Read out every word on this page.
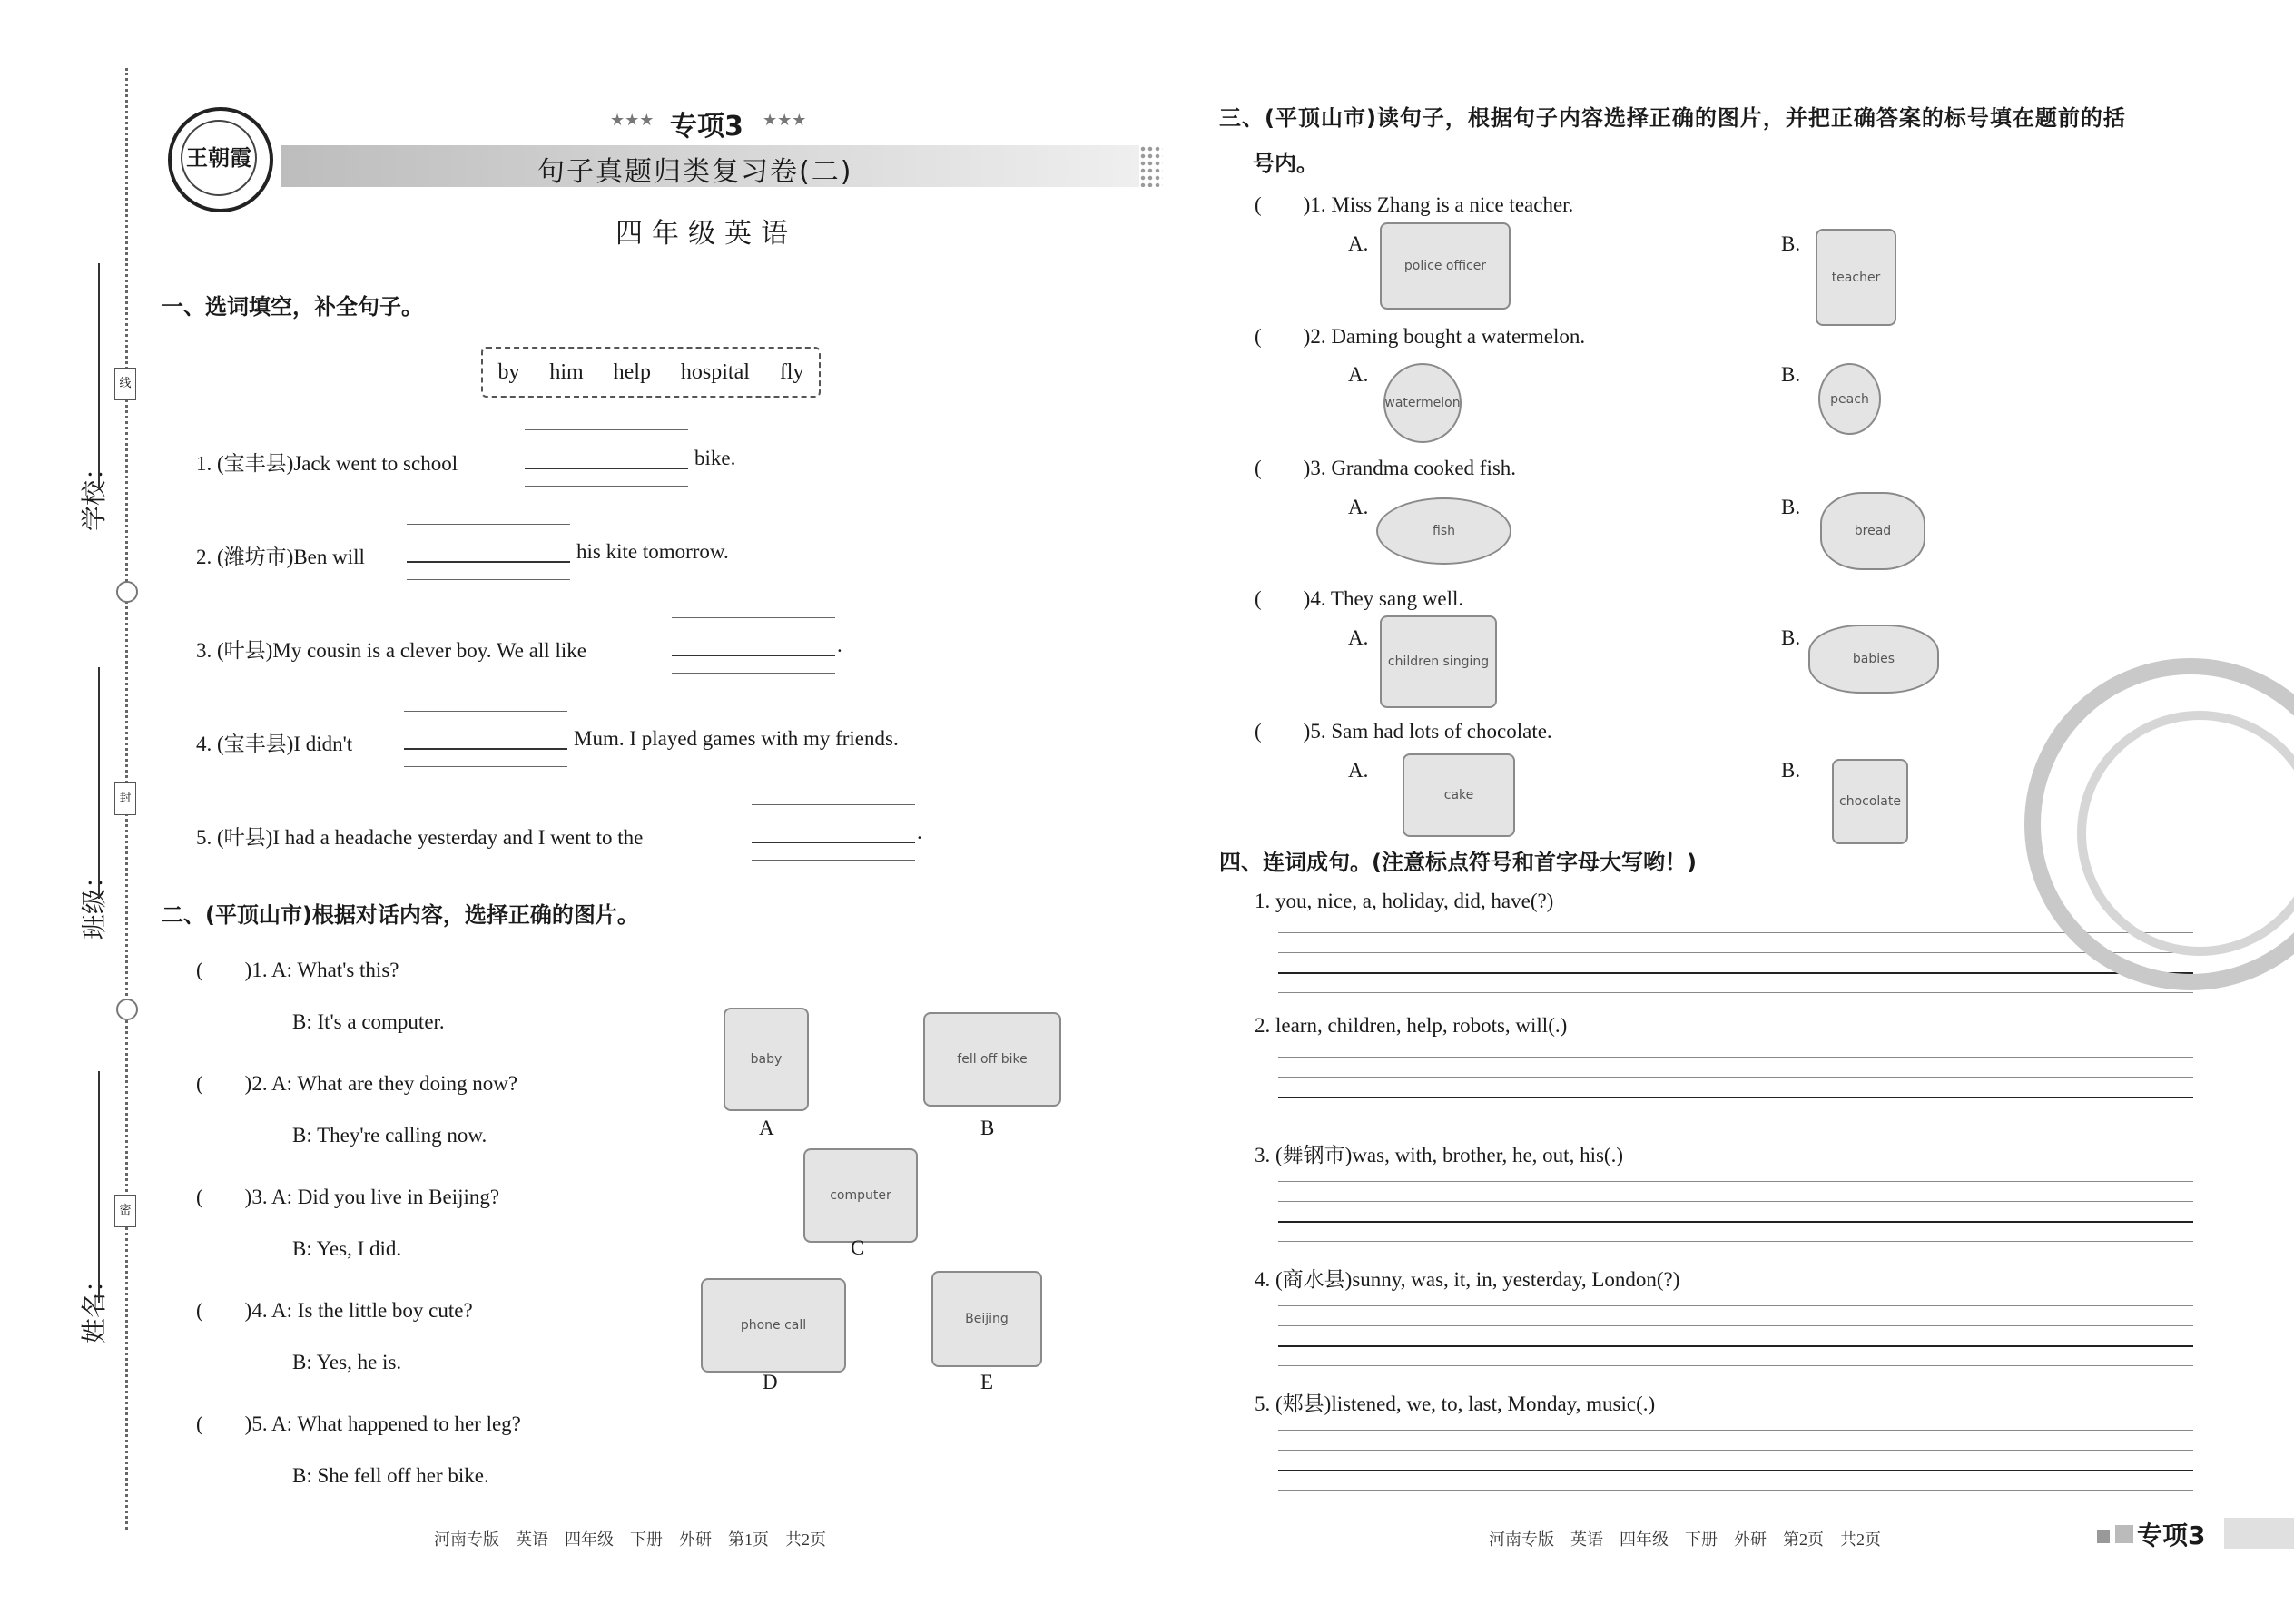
学校：
班级：
姓名：
线
封
密
王朝霞
★★★ 专项3 ★★★
句子真题归类复习卷(二)
四年级英语
一、选词填空，补全句子。
by him help hospital fly
1. (宝丰县)Jack went to school	bike.
2. (潍坊市)Ben will	his kite tomorrow.
3. (叶县)My cousin is a clever boy. We all like	.
4. (宝丰县)I didn't	Mum. I played games with my friends.
5. (叶县)I had a headache yesterday and I went to the	.
二、(平顶山市)根据对话内容，选择正确的图片。
(　　)1. A: What's this?
B: It's a computer.
(　　)2. A: What are they doing now?
B: They're calling now.
(　　)3. A: Did you live in Beijing?
B: Yes, I did.
(　　)4. A: Is the little boy cute?
B: Yes, he is.
(　　)5. A: What happened to her leg?
B: She fell off her bike.
baby
A
fell off bike
B
computer
C
phone call
D
Beijing
E
三、(平顶山市)读句子，根据句子内容选择正确的图片，并把正确答案的标号填在题前的括
号内。
(　　)1. Miss Zhang is a nice teacher.
A.
police officer
B.
teacher
(　　)2. Daming bought a watermelon.
A.
watermelon
B.
peach
(　　)3. Grandma cooked fish.
A.
fish
B.
bread
(　　)4. They sang well.
A.
children singing
B.
babies
(　　)5. Sam had lots of chocolate.
A.
cake
B.
chocolate
四、连词成句。(注意标点符号和首字母大写哟！)
1. you, nice, a, holiday, did, have(?)
2. learn, children, help, robots, will(.)
3. (舞钢市)was, with, brother, he, out, his(.)
4. (商水县)sunny, was, it, in, yesterday, London(?)
5. (郏县)listened, we, to, last, Monday, music(.)
河南专版　英语　四年级　下册　外研　第1页　共2页	河南专版　英语　四年级　下册　外研　第2页　共2页	专项3
